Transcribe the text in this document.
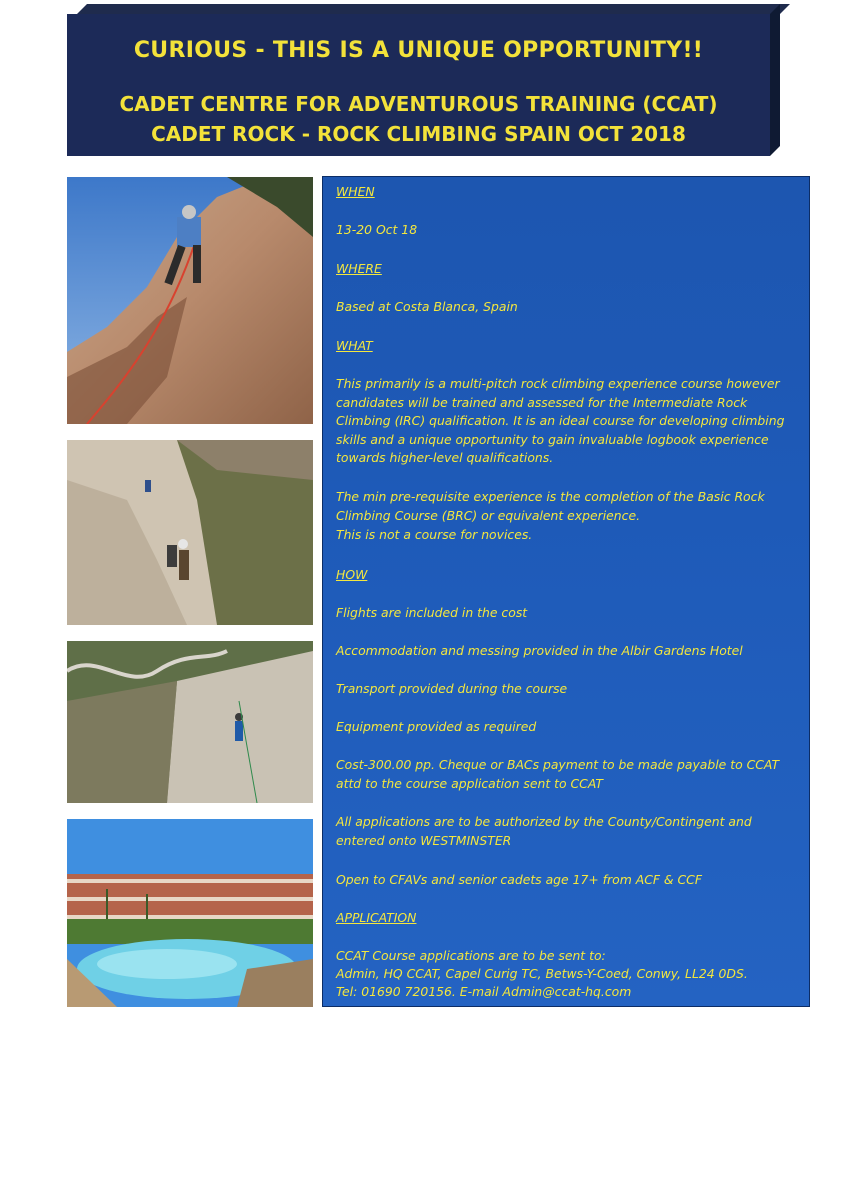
CURIOUS - THIS IS A UNIQUE OPPORTUNITY!!
CADET CENTRE FOR ADVENTUROUS TRAINING (CCAT)
CADET ROCK - ROCK CLIMBING SPAIN OCT 2018

WHEN

13-20 Oct 18

WHERE

Based at Costa Blanca, Spain

WHAT

This primarily is a multi-pitch rock climbing experience course however candidates will be trained and assessed for the Intermediate Rock Climbing (IRC) qualification. It is an ideal course for developing climbing skills and a unique opportunity to gain invaluable logbook experience towards higher-level qualifications.

The min pre-requisite experience is the completion of the Basic Rock Climbing Course (BRC) or equivalent experience.

This is not a course for novices.

HOW

Flights are included in the cost

Accommodation and messing provided in the Albir Gardens Hotel

Transport provided during the course

Equipment provided as required

Cost-300.00 pp. Cheque or BACs payment to be made payable to CCAT attd to the course application sent to CCAT

All applications are to be authorized by the County/Contingent and entered onto WESTMINSTER

Open to CFAVs and senior cadets age 17+ from ACF & CCF

APPLICATION

CCAT Course applications are to be sent to:

Admin, HQ CCAT, Capel Curig TC, Betws-Y-Coed, Conwy, LL24 0DS.

Tel: 01690 720156. E-mail Admin@ccat-hq.com
